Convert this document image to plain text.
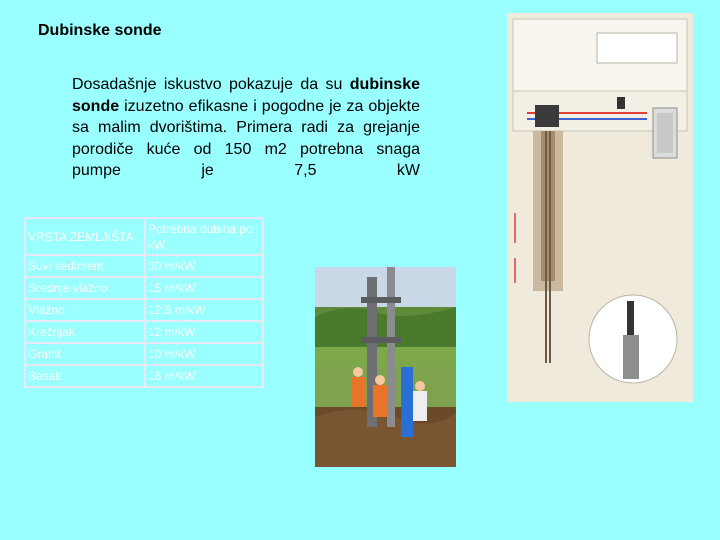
Dubinske sonde
Dosadašnje iskustvo pokazuje da su dubinske sonde izuzetno efikasne i pogodne je za objekte sa malim dvorištima. Primera radi za grejanje porodiče kuće od 150 m2 potrebna snaga pumpe je 7,5 kW
VRSTA ZEMLJIŠTA	Potrebna dubina po kW
Suvi sediment	30 m/kW
Srednje vlažno	15 m/kW
Vlažno	12,5 m/kW
Krečnjak	12 m/kW
Granit	10 m/kW
Basalt	16 m/kW
